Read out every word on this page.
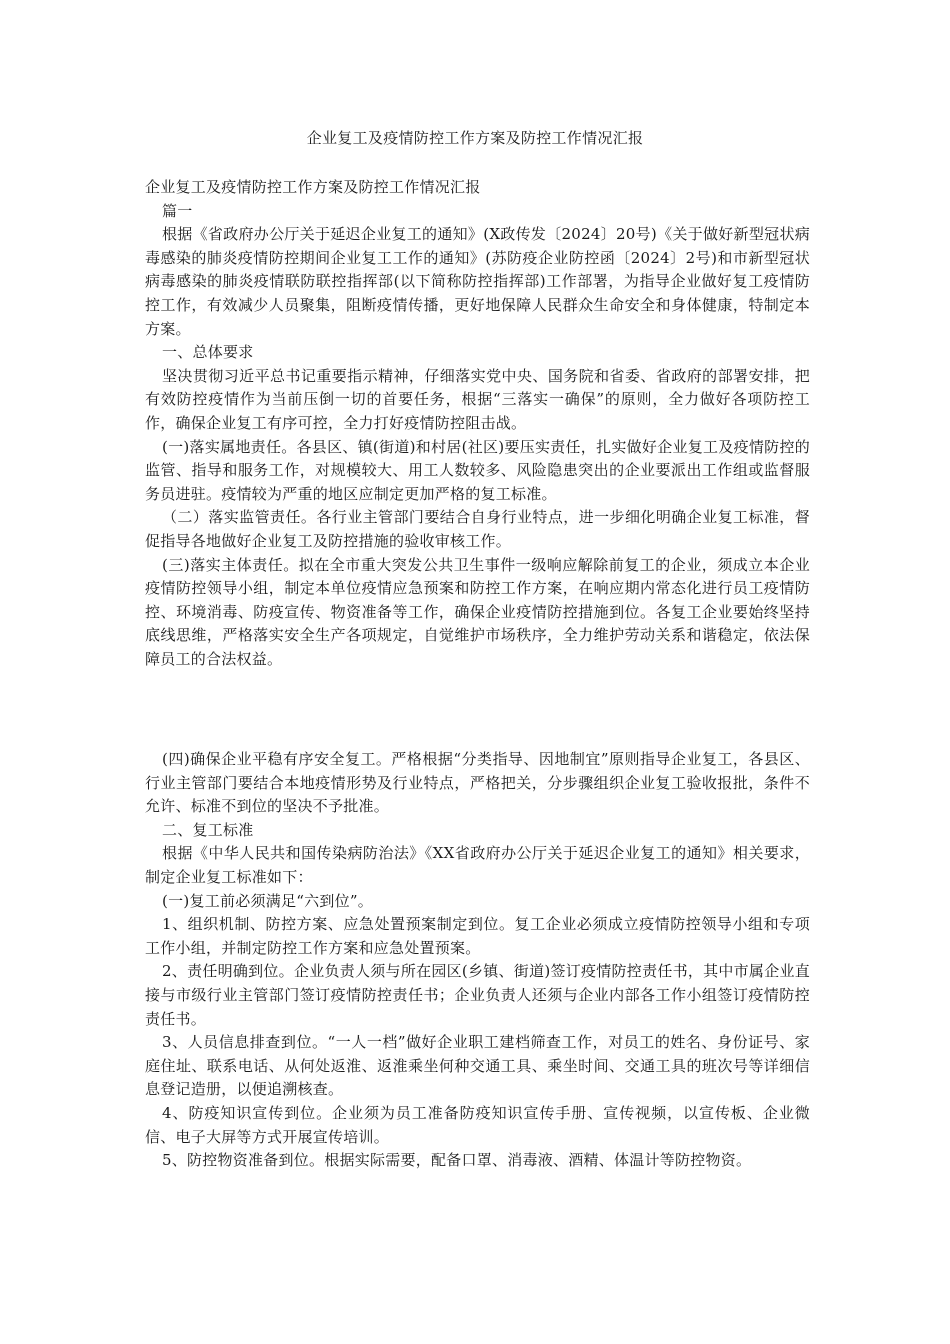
企业复工及疫情防控工作方案及防控工作情况汇报

企业复工及疫情防控工作方案及防控工作情况汇报

篇一

根据《省政府办公厅关于延迟企业复工的通知》(X政传发〔2024〕20号)《关于做好新型冠状病毒感染的肺炎疫情防控期间企业复工工作的通知》(苏防疫企业防控函〔2024〕2号)和市新型冠状病毒感染的肺炎疫情联防联控指挥部(以下简称防控指挥部)工作部署，为指导企业做好复工疫情防控工作，有效减少人员聚集，阻断疫情传播，更好地保障人民群众生命安全和身体健康，特制定本方案。

一、总体要求

坚决贯彻习近平总书记重要指示精神，仔细落实党中央、国务院和省委、省政府的部署安排，把有效防控疫情作为当前压倒一切的首要任务，根据“三落实一确保”的原则，全力做好各项防控工作，确保企业复工有序可控，全力打好疫情防控阻击战。

(一)落实属地责任。各县区、镇(街道)和村居(社区)要压实责任，扎实做好企业复工及疫情防控的监管、指导和服务工作，对规模较大、用工人数较多、风险隐患突出的企业要派出工作组或监督服务员进驻。疫情较为严重的地区应制定更加严格的复工标准。

（二）落实监管责任。各行业主管部门要结合自身行业特点，进一步细化明确企业复工标准，督促指导各地做好企业复工及防控措施的验收审核工作。

(三)落实主体责任。拟在全市重大突发公共卫生事件一级响应解除前复工的企业，须成立本企业疫情防控领导小组，制定本单位疫情应急预案和防控工作方案，在响应期内常态化进行员工疫情防控、环境消毒、防疫宣传、物资准备等工作，确保企业疫情防控措施到位。各复工企业要始终坚持底线思维，严格落实安全生产各项规定，自觉维护市场秩序，全力维护劳动关系和谐稳定，依法保障员工的合法权益。

(四)确保企业平稳有序安全复工。严格根据“分类指导、因地制宜”原则指导企业复工，各县区、行业主管部门要结合本地疫情形势及行业特点，严格把关，分步骤组织企业复工验收报批，条件不允许、标准不到位的坚决不予批准。

二、复工标准

根据《中华人民共和国传染病防治法》《XX省政府办公厅关于延迟企业复工的通知》相关要求，制定企业复工标准如下：

(一)复工前必须满足“六到位”。

1、组织机制、防控方案、应急处置预案制定到位。复工企业必须成立疫情防控领导小组和专项工作小组，并制定防控工作方案和应急处置预案。

2、责任明确到位。企业负责人须与所在园区(乡镇、街道)签订疫情防控责任书，其中市属企业直接与市级行业主管部门签订疫情防控责任书；企业负责人还须与企业内部各工作小组签订疫情防控责任书。

3、人员信息排查到位。“一人一档”做好企业职工建档筛查工作，对员工的姓名、身份证号、家庭住址、联系电话、从何处返淮、返淮乘坐何种交通工具、乘坐时间、交通工具的班次号等详细信息登记造册，以便追溯核查。

4、防疫知识宣传到位。企业须为员工准备防疫知识宣传手册、宣传视频，以宣传板、企业微信、电子大屏等方式开展宣传培训。

5、防控物资准备到位。根据实际需要，配备口罩、消毒液、酒精、体温计等防控物资。
